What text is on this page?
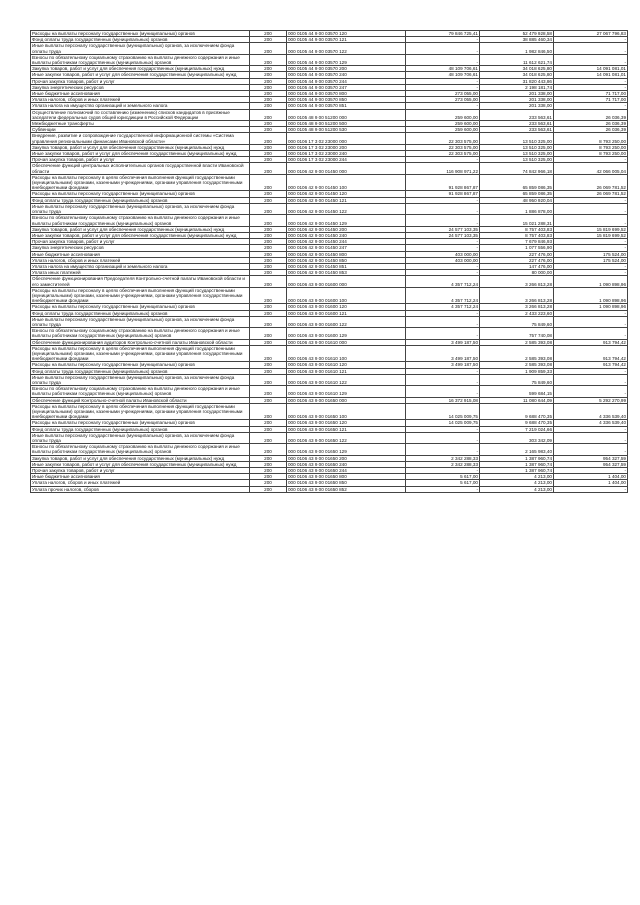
Расходы на выплаты персоналу государственных (муниципальных) органов	200	000 0105 44 9 00 03570 120	79 846 725,41	52 479 928,58	27 067 796,83
Фонд оплаты труда государственных (муниципальных) органов	200	000 0105 44 9 00 03570 121	-	38 885 460,34	-
Иные выплаты персоналу государственных (муниципальных) органов, за исключением фонда оплаты труда	200	000 0105 44 9 00 03570 122	-	1 982 846,50	-
Взносы по обязательному социальному страхованию на выплаты денежного содержания и иные выплаты работникам государственных (муниципальных) органов	200	000 0105 44 9 00 03570 129	-	11 612 621,74	-
Закупка товаров, работ и услуг для обеспечения государственных (муниципальных) нужд	200	000 0105 44 9 00 03570 200	48 109 706,61	34 018 625,80	14 091 081,01
Иные закупки товаров, работ и услуг для обеспечения государственных (муниципальных) нужд	200	000 0105 44 9 00 03570 240	48 109 706,61	34 018 625,80	14 091 081,01
Прочая закупка товаров, работ и услуг	200	000 0105 44 9 00 03570 244	-	31 820 443,86	-
Закупка энергетических ресурсов	200	000 0105 44 9 00 03570 247	-	2 198 181,74	-
Иные бюджетные ассигнования	200	000 0105 44 9 00 03570 800	273 055,00	201 338,00	71 717,00
Уплата налогов, сборов и иных платежей	200	000 0105 44 9 00 03570 850	273 055,00	201 338,00	71 717,00
Уплата налога на имущество организаций и земельного налога	200	000 0105 44 9 00 03570 851	-	201 338,00	-
Осуществление полномочий по составлению (изменению) списков кандидатов в присяжные заседатели федеральных судов общей юрисдикции в Российской Федерации	200	000 0105 48 9 00 51200 000	259 600,00	233 563,61	26 036,39
Межбюджетные трансферты	200	000 0105 48 9 00 51200 500	259 600,00	233 563,61	26 036,39
Субвенции	200	000 0105 48 9 00 51200 530	259 600,00	233 563,61	26 036,39
Внедрение, развитие и сопровождение государственной информационной системы «Система управления региональными финансами Ивановской области»	200	000 0106 17 3 02 23000 000	22 303 575,00	13 510 325,00	8 793 250,00
Закупка товаров, работ и услуг для обеспечения государственных (муниципальных) нужд	200	000 0106 17 3 02 23000 200	22 303 575,00	13 510 325,00	8 793 250,00
Иные закупки товаров, работ и услуг для обеспечения государственных (муниципальных) нужд	200	000 0106 17 3 02 23000 240	22 303 575,00	13 510 325,00	8 793 250,00
Прочая закупка товаров, работ и услуг	200	000 0106 17 3 02 23000 244	-	13 510 325,00	-
Обеспечение функций центральных исполнительных органов государственной власти Ивановской области	200	000 0106 42 9 00 01450 000	116 908 971,22	74 842 966,18	42 066 005,04
Расходы на выплаты персоналу в целях обеспечения выполнения функций государственными (муниципальными) органами, казенными учреждениями, органами управления государственными внебюджетными фондами	200	000 0106 42 9 00 01450 100	91 928 867,87	65 859 086,35	26 069 781,52
Расходы на выплаты персоналу государственных (муниципальных) органов	200	000 0106 42 9 00 01450 120	91 928 867,87	65 859 086,35	26 069 781,52
Фонд оплаты труда государственных (муниципальных) органов	200	000 0106 42 9 00 01450 121	-	48 950 920,04	-
Иные выплаты персоналу государственных (муниципальных) органов, за исключением фонда оплаты труда	200	000 0106 42 9 00 01450 122	-	1 886 878,00	-
Взносы по обязательному социальному страхованию на выплаты денежного содержания и иные выплаты работникам государственных (муниципальных) органов	200	000 0106 42 9 00 01450 129	-	15 021 288,31	-
Закупка товаров, работ и услуг для обеспечения государственных (муниципальных) нужд	200	000 0106 42 9 00 01450 200	24 577 103,35	8 757 403,83	15 819 699,52
Иные закупки товаров, работ и услуг для обеспечения государственных (муниципальных) нужд	200	000 0106 42 9 00 01450 240	24 577 103,35	8 757 403,83	15 819 699,52
Прочая закупка товаров, работ и услуг	200	000 0106 42 9 00 01450 244	-	7 679 846,93	-
Закупка энергетических ресурсов	200	000 0106 42 9 00 01450 247	-	1 077 556,90	-
Иные бюджетные ассигнования	200	000 0106 42 9 00 01450 800	403 000,00	227 476,00	175 524,00
Уплата налогов, сборов и иных платежей	200	000 0106 42 9 00 01450 850	403 000,00	227 476,00	175 524,00
Уплата налога на имущество организаций и земельного налога	200	000 0106 42 9 00 01450 851	-	147 476,00	-
Уплата иных платежей	200	000 0106 42 9 00 01450 853	-	80 000,00	-
Обеспечение функционирования Председателя Контрольно-счетной палаты Ивановской области и его заместителей	200	000 0106 43 9 00 01600 000	4 357 712,24	3 266 813,28	1 090 898,96
Расходы на выплаты персоналу в целях обеспечения выполнения функций государственными (муниципальными) органами, казенными учреждениями, органами управления государственными внебюджетными фондами	200	000 0106 43 9 00 01600 100	4 357 712,24	3 266 813,28	1 090 898,96
Расходы на выплаты персоналу государственных (муниципальных) органов	200	000 0106 43 9 00 01600 120	4 357 712,24	3 266 813,28	1 090 898,96
Фонд оплаты труда государственных (муниципальных) органов	200	000 0106 43 9 00 01600 121	-	2 433 223,60	-
Иные выплаты персоналу государственных (муниципальных) органов, за исключением фонда оплаты труда	200	000 0106 43 9 00 01600 122	-	75 849,60	-
Взносы по обязательному социальному страхованию на выплаты денежного содержания и иные выплаты работникам государственных (муниципальных) органов	200	000 0106 43 9 00 01600 129	-	757 740,08	-
Обеспечение функционирования аудиторов Контрольно-счетной палаты Ивановской области	200	000 0106 43 9 00 01610 000	3 499 187,50	2 585 393,08	913 794,42
Расходы на выплаты персоналу в целях обеспечения выполнения функций государственными (муниципальными) органами, казенными учреждениями, органами управления государственными внебюджетными фондами	200	000 0106 43 9 00 01610 100	3 499 187,50	2 585 393,08	913 794,42
Расходы на выплаты персоналу государственных (муниципальных) органов	200	000 0106 43 9 00 01610 120	3 499 187,50	2 585 393,08	913 794,42
Фонд оплаты труда государственных (муниципальных) органов	200	000 0106 43 9 00 01610 121	-	1 909 859,33	-
Иные выплаты персоналу государственных (муниципальных) органов, за исключением фонда оплаты труда	200	000 0106 43 9 00 01610 122	-	75 849,60	-
Взносы по обязательному социальному страхованию на выплаты денежного содержания и иные выплаты работникам государственных (муниципальных) органов	200	000 0106 43 9 00 01610 129	-	599 684,15	-
Обеспечение функций Контрольно-счетной палаты Ивановской области	200	000 0106 43 9 00 01650 000	16 372 915,08	11 080 644,09	5 292 270,99
Расходы на выплаты персоналу в целях обеспечения выполнения функций государственными (муниципальными) органами, казенными учреждениями, органами управления государственными внебюджетными фондами	200	000 0106 43 9 00 01650 100	14 025 009,75	9 688 470,35	4 336 539,40
Расходы на выплаты персоналу государственных (муниципальных) органов	200	000 0106 43 9 00 01650 120	14 025 009,75	9 688 470,35	4 336 539,40
Фонд оплаты труда государственных (муниципальных) органов	200	000 0106 43 9 00 01650 121	-	7 219 024,66	-
Иные выплаты персоналу государственных (муниципальных) органов, за исключением фонда оплаты труда	200	000 0106 43 9 00 01650 122	-	303 342,09	-
Взносы по обязательному социальному страхованию на выплаты денежного содержания и иные выплаты работникам государственных (муниципальных) органов	200	000 0106 43 9 00 01650 129	-	2 165 983,40	-
Закупка товаров, работ и услуг для обеспечения государственных (муниципальных) нужд	200	000 0106 43 9 00 01650 200	2 342 288,33	1 387 960,74	954 327,59
Иные закупки товаров, работ и услуг для обеспечения государственных (муниципальных) нужд	200	000 0106 43 9 00 01650 240	2 342 288,33	1 387 960,74	954 327,59
Прочая закупка товаров, работ и услуг	200	000 0106 43 9 00 01650 244	-	1 387 960,74	-
Иные бюджетные ассигнования	200	000 0106 43 9 00 01650 800	5 617,00	4 213,00	1 404,00
Уплата налогов, сборов и иных платежей	200	000 0106 43 9 00 01650 850	5 617,00	4 213,00	1 404,00
Уплата прочих налогов, сборов	200	000 0106 43 9 00 01650 852	-	4 213,00	-
